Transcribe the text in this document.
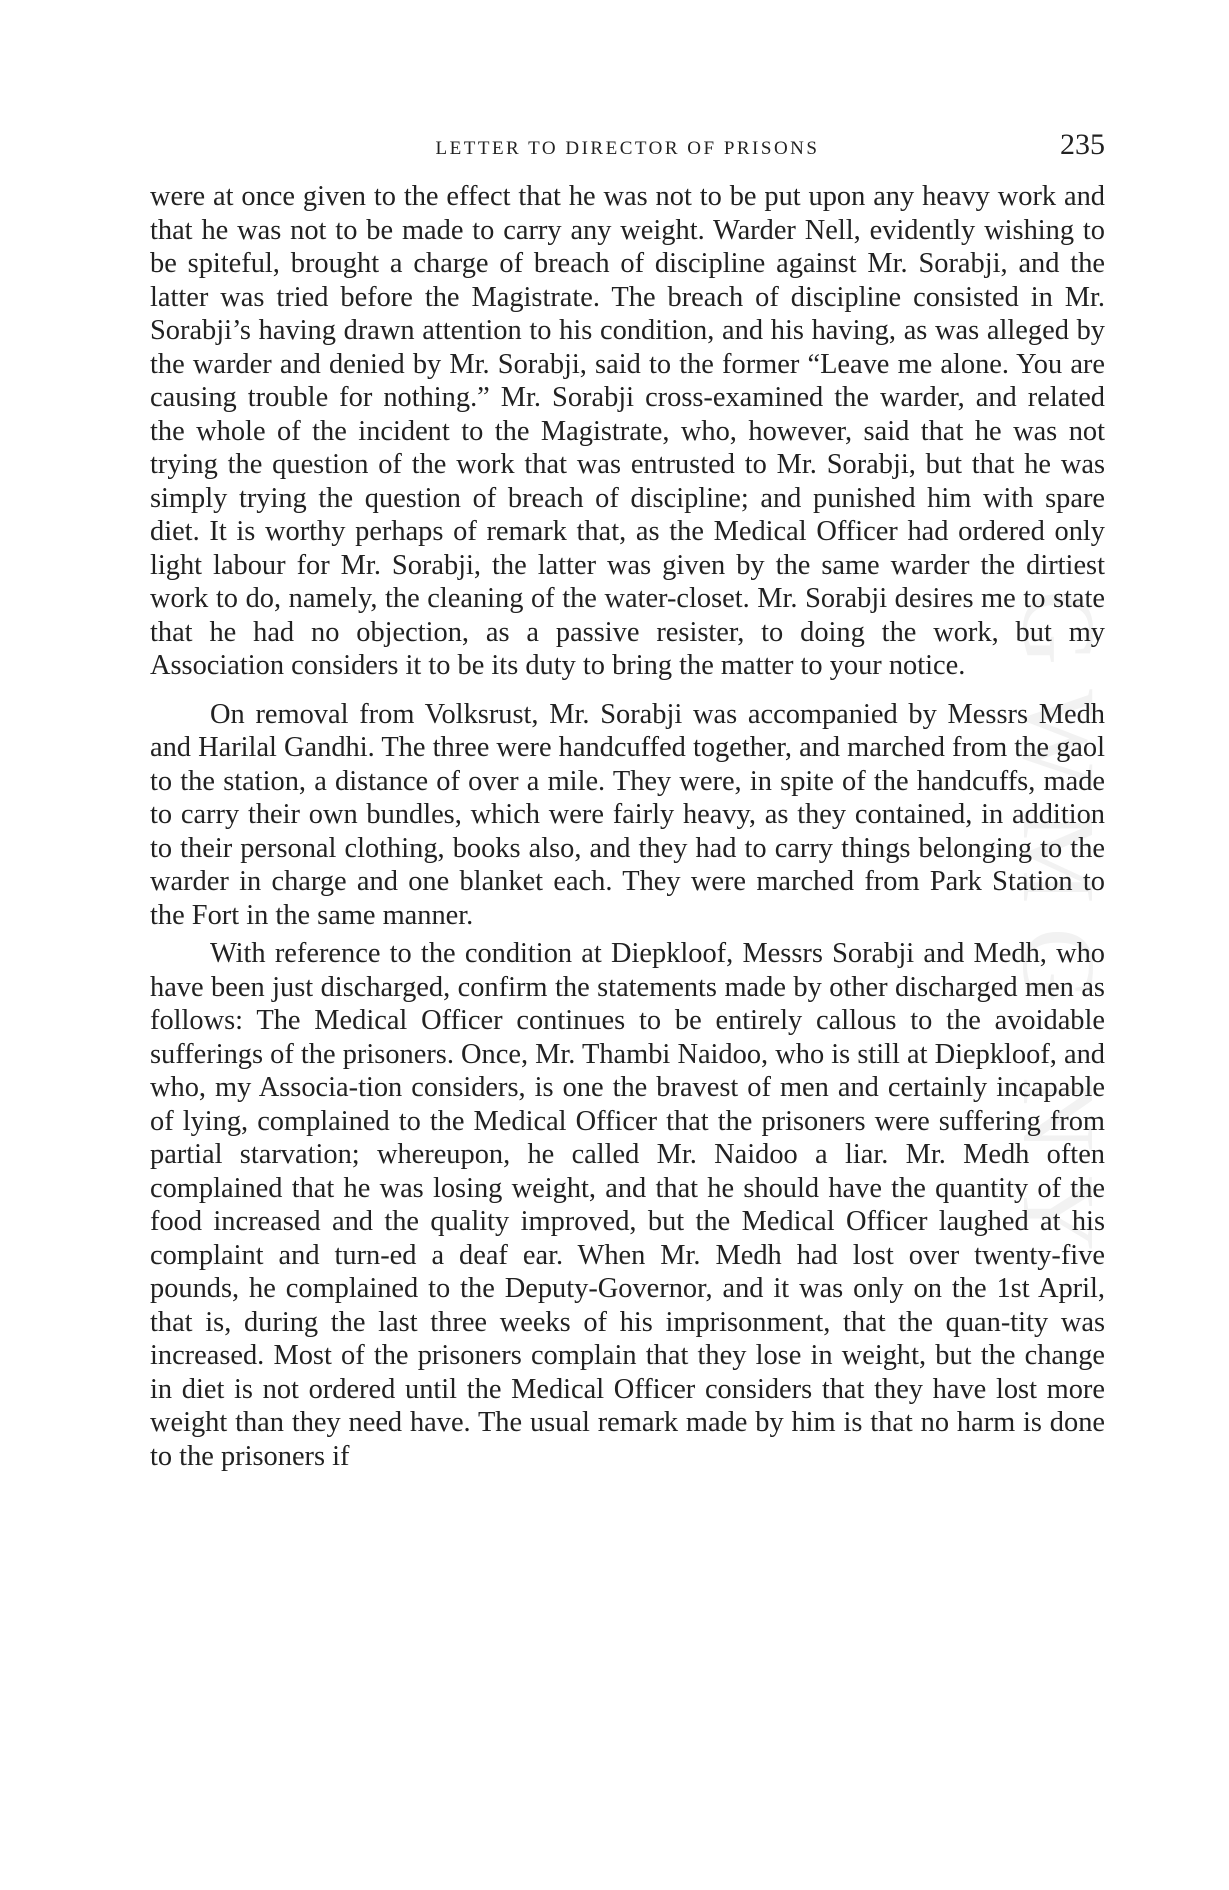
GWMG NY
LETTER TO DIRECTOR OF PRISONS	235

were at once given to the effect that he was not to be put upon any heavy work and that he was not to be made to carry any weight. Warder Nell, evidently wishing to be spiteful, brought a charge of breach of discipline against Mr. Sorabji, and the latter was tried before the Magistrate. The breach of discipline consisted in Mr. Sorabji’s having drawn attention to his condition, and his having, as was alleged by the warder and denied by Mr. Sorabji, said to the former “Leave me alone. You are causing trouble for nothing.” Mr. Sorabji cross-examined the warder, and related the whole of the incident to the Magistrate, who, however, said that he was not trying the question of the work that was entrusted to Mr. Sorabji, but that he was simply trying the question of breach of discipline; and punished him with spare diet. It is worthy perhaps of remark that, as the Medical Officer had ordered only light labour for Mr. Sorabji, the latter was given by the same warder the dirtiest work to do, namely, the cleaning of the water-closet. Mr. Sorabji desires me to state that he had no objection, as a passive resister, to doing the work, but my Association considers it to be its duty to bring the matter to your notice.

On removal from Volksrust, Mr. Sorabji was accompanied by Messrs Medh and Harilal Gandhi. The three were handcuffed together, and marched from the gaol to the station, a distance of over a mile. They were, in spite of the handcuffs, made to carry their own bundles, which were fairly heavy, as they contained, in addition to their personal clothing, books also, and they had to carry things belonging to the warder in charge and one blanket each. They were marched from Park Station to the Fort in the same manner.

With reference to the condition at Diepkloof, Messrs Sorabji and Medh, who have been just discharged, confirm the statements made by other discharged men as follows: The Medical Officer continues to be entirely callous to the avoidable sufferings of the prisoners. Once, Mr. Thambi Naidoo, who is still at Diepkloof, and who, my Associa-tion considers, is one the bravest of men and certainly incapable of lying, complained to the Medical Officer that the prisoners were suffering from partial starvation; whereupon, he called Mr. Naidoo a liar. Mr. Medh often complained that he was losing weight, and that he should have the quantity of the food increased and the quality improved, but the Medical Officer laughed at his complaint and turn-ed a deaf ear. When Mr. Medh had lost over twenty-five pounds, he complained to the Deputy-Governor, and it was only on the 1st April, that is, during the last three weeks of his imprisonment, that the quan-tity was increased. Most of the prisoners complain that they lose in weight, but the change in diet is not ordered until the Medical Officer considers that they have lost more weight than they need have. The usual remark made by him is that no harm is done to the prisoners if
